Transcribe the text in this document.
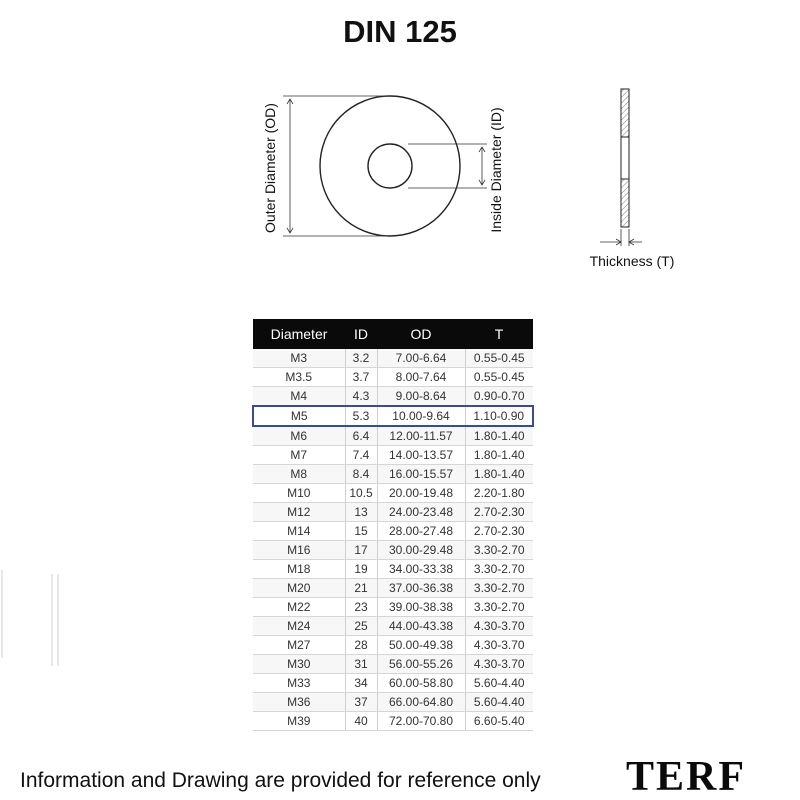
DIN 125
Outer Diameter (OD)	Inside Diameter (ID)
Thickness (T)
Diameter	ID	OD	T
M3	3.2	7.00-6.64	0.55-0.45
M3.5	3.7	8.00-7.64	0.55-0.45
M4	4.3	9.00-8.64	0.90-0.70
M5	5.3	10.00-9.64	1.10-0.90
M6	6.4	12.00-11.57	1.80-1.40
M7	7.4	14.00-13.57	1.80-1.40
M8	8.4	16.00-15.57	1.80-1.40
M10	10.5	20.00-19.48	2.20-1.80
M12	13	24.00-23.48	2.70-2.30
M14	15	28.00-27.48	2.70-2.30
M16	17	30.00-29.48	3.30-2.70
M18	19	34.00-33.38	3.30-2.70
M20	21	37.00-36.38	3.30-2.70
M22	23	39.00-38.38	3.30-2.70
M24	25	44.00-43.38	4.30-3.70
M27	28	50.00-49.38	4.30-3.70
M30	31	56.00-55.26	4.30-3.70
M33	34	60.00-58.80	5.60-4.40
M36	37	66.00-64.80	5.60-4.40
M39	40	72.00-70.80	6.60-5.40
Information and Drawing are provided for reference only TERF
